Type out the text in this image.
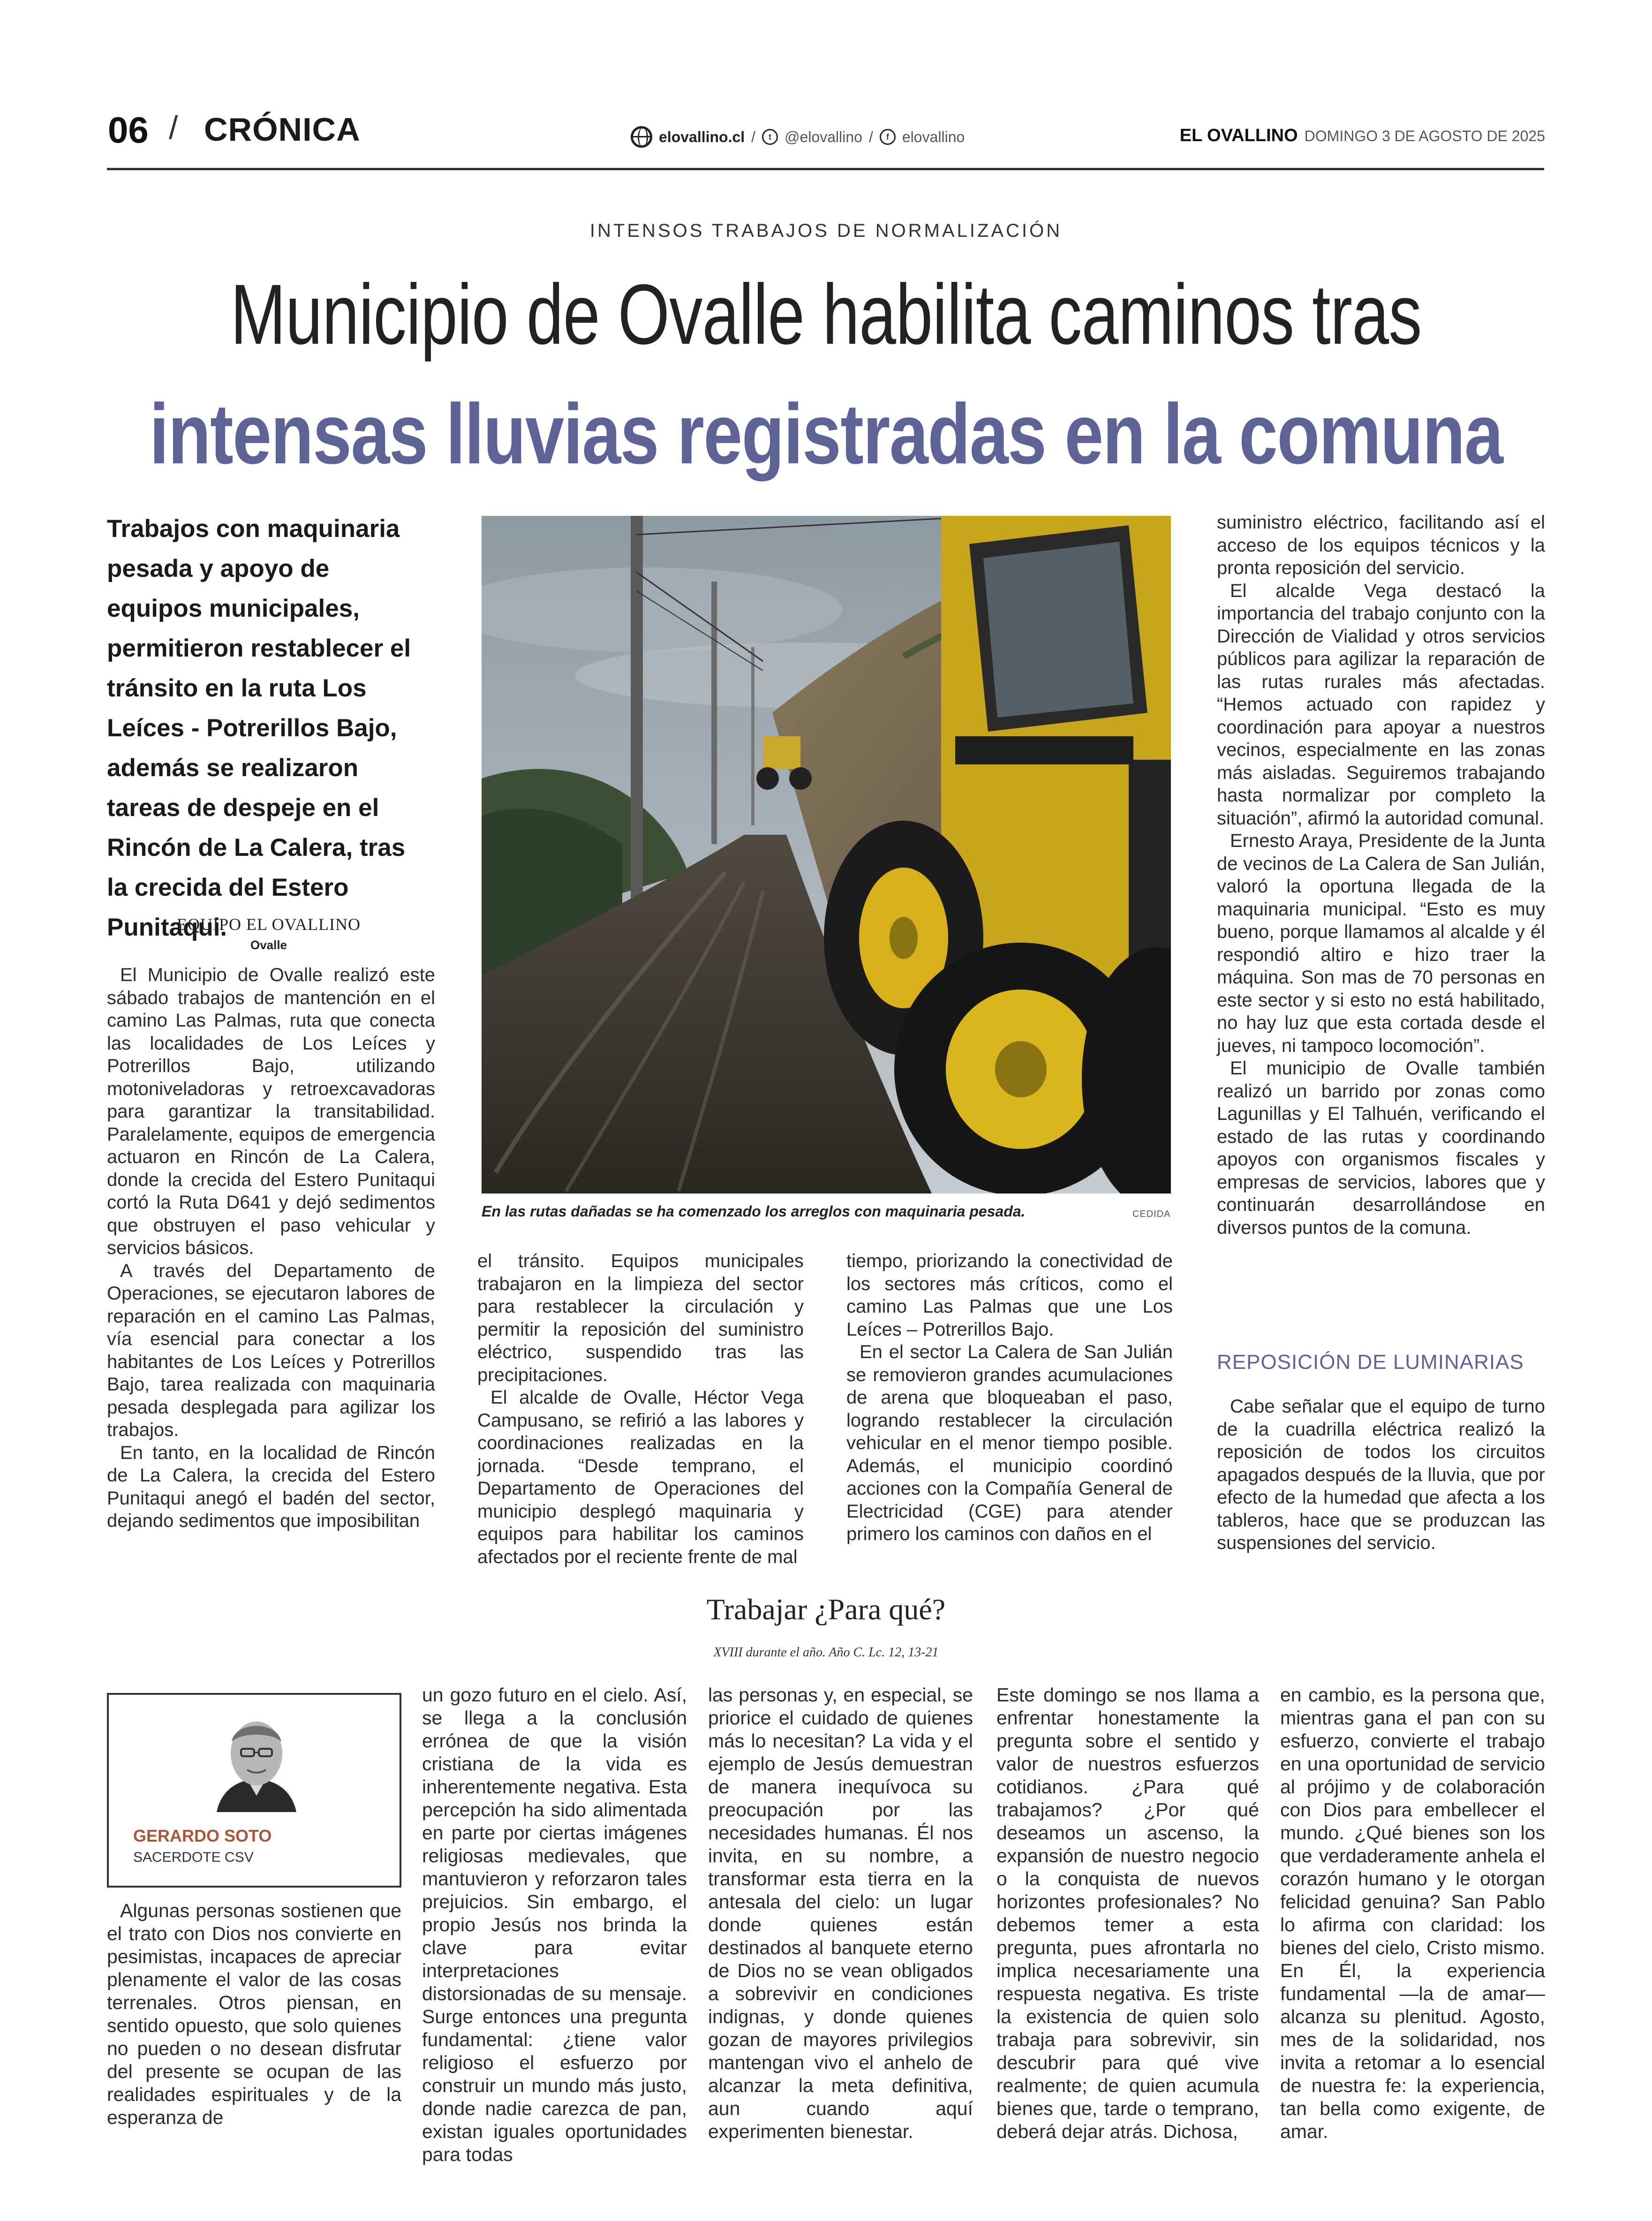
06 / CRÓNICA	elovallino.cl /	t @elovallino /	f elovallino	EL OVALLINO DOMINGO 3 DE AGOSTO DE 2025
INTENSOS TRABAJOS DE NORMALIZACIÓN
Municipio de Ovalle habilita caminos tras
intensas lluvias registradas en la comuna
Trabajos con maquinaria pesada y apoyo de equipos municipales, permitieron restablecer el tránsito en la ruta Los Leíces - Potrerillos Bajo, además se realizaron tareas de despeje en el Rincón de La Calera, tras la crecida del Estero Punitaqui.
EQUIPO EL OVALLINO
Ovalle

El Municipio de Ovalle realizó este sábado trabajos de mantención en el camino Las Palmas, ruta que conecta las localidades de Los Leíces y Potrerillos Bajo, utilizando motoniveladoras y retroexcavadoras para garantizar la transitabilidad. Paralelamente, equipos de emergencia actuaron en Rincón de La Calera, donde la crecida del Estero Punitaqui cortó la Ruta D641 y dejó sedimentos que obstruyen el paso vehicular y servicios básicos.

A través del Departamento de Operaciones, se ejecutaron labores de reparación en el camino Las Palmas, vía esencial para conectar a los habitantes de Los Leíces y Potrerillos Bajo, tarea realizada con maquinaria pesada desplegada para agilizar los trabajos.

En tanto, en la localidad de Rincón de La Calera, la crecida del Estero Punitaqui anegó el badén del sector, dejando sedimentos que imposibilitan

el tránsito. Equipos municipales trabajaron en la limpieza del sector para restablecer la circulación y permitir la reposición del suministro eléctrico, suspendido tras las precipitaciones.

El alcalde de Ovalle, Héctor Vega Campusano, se refirió a las labores y coordinaciones realizadas en la jornada. “Desde temprano, el Departamento de Operaciones del municipio desplegó maquinaria y equipos para habilitar los caminos afectados por el reciente frente de mal

tiempo, priorizando la conectividad de los sectores más críticos, como el camino Las Palmas que une Los Leíces – Potrerillos Bajo.

En el sector La Calera de San Julián se removieron grandes acumulaciones de arena que bloqueaban el paso, logrando restablecer la circulación vehicular en el menor tiempo posible. Además, el municipio coordinó acciones con la Compañía General de Electricidad (CGE) para atender primero los caminos con daños en el

suministro eléctrico, facilitando así el acceso de los equipos técnicos y la pronta reposición del servicio.

El alcalde Vega destacó la importancia del trabajo conjunto con la Dirección de Vialidad y otros servicios públicos para agilizar la reparación de las rutas rurales más afectadas. “Hemos actuado con rapidez y coordinación para apoyar a nuestros vecinos, especialmente en las zonas más aisladas. Seguiremos trabajando hasta normalizar por completo la situación”, afirmó la autoridad comunal.

Ernesto Araya, Presidente de la Junta de vecinos de La Calera de San Julián, valoró la oportuna llegada de la maquinaria municipal. “Esto es muy bueno, porque llamamos al alcalde y él respondió altiro e hizo traer la máquina. Son mas de 70 personas en este sector y si esto no está habilitado, no hay luz que esta cortada desde el jueves, ni tampoco locomoción”.

El municipio de Ovalle también realizó un barrido por zonas como Lagunillas y El Talhuén, verificando el estado de las rutas y coordinando apoyos con organismos fiscales y empresas de servicios, labores que y continuarán desarrollándose en diversos puntos de la comuna.

REPOSICIÓN DE LUMINARIAS

Cabe señalar que el equipo de turno de la cuadrilla eléctrica realizó la reposición de todos los circuitos apagados después de la lluvia, que por efecto de la humedad que afecta a los tableros, hace que se produzcan las suspensiones del servicio.

En las rutas dañadas se ha comenzado los arreglos con maquinaria pesada.	CEDIDA
Trabajar ¿Para qué?
XVIII durante el año. Año C. Lc. 12, 13-21
GERARDO SOTO
SACERDOTE CSV

Algunas personas sostienen que el trato con Dios nos convierte en pesimistas, incapaces de apreciar plenamente el valor de las cosas terrenales. Otros piensan, en sentido opuesto, que solo quienes no pueden o no desean disfrutar del presente se ocupan de las realidades espirituales y de la esperanza de

un gozo futuro en el cielo. Así, se llega a la conclusión errónea de que la visión cristiana de la vida es inherentemente negativa. Esta percepción ha sido alimentada en parte por ciertas imágenes religiosas medievales, que mantuvieron y reforzaron tales prejuicios. Sin embargo, el propio Jesús nos brinda la clave para evitar interpretaciones distorsionadas de su mensaje. Surge entonces una pregunta fundamental: ¿tiene valor religioso el esfuerzo por construir un mundo más justo, donde nadie carezca de pan, existan iguales oportunidades para todas

las personas y, en especial, se priorice el cuidado de quienes más lo necesitan? La vida y el ejemplo de Jesús demuestran de manera inequívoca su preocupación por las necesidades humanas. Él nos invita, en su nombre, a transformar esta tierra en la antesala del cielo: un lugar donde quienes están destinados al banquete eterno de Dios no se vean obligados a sobrevivir en condiciones indignas, y donde quienes gozan de mayores privilegios mantengan vivo el anhelo de alcanzar la meta definitiva, aun cuando aquí experimenten bienestar.

Este domingo se nos llama a enfrentar honestamente la pregunta sobre el sentido y valor de nuestros esfuerzos cotidianos. ¿Para qué trabajamos? ¿Por qué deseamos un ascenso, la expansión de nuestro negocio o la conquista de nuevos horizontes profesionales? No debemos temer a esta pregunta, pues afrontarla no implica necesariamente una respuesta negativa. Es triste la existencia de quien solo trabaja para sobrevivir, sin descubrir para qué vive realmente; de quien acumula bienes que, tarde o temprano, deberá dejar atrás. Dichosa,

en cambio, es la persona que, mientras gana el pan con su esfuerzo, convierte el trabajo en una oportunidad de servicio al prójimo y de colaboración con Dios para embellecer el mundo. ¿Qué bienes son los que verdaderamente anhela el corazón humano y le otorgan felicidad genuina? San Pablo lo afirma con claridad: los bienes del cielo, Cristo mismo. En Él, la experiencia fundamental —la de amar— alcanza su plenitud. Agosto, mes de la solidaridad, nos invita a retomar a lo esencial de nuestra fe: la experiencia, tan bella como exigente, de amar.
